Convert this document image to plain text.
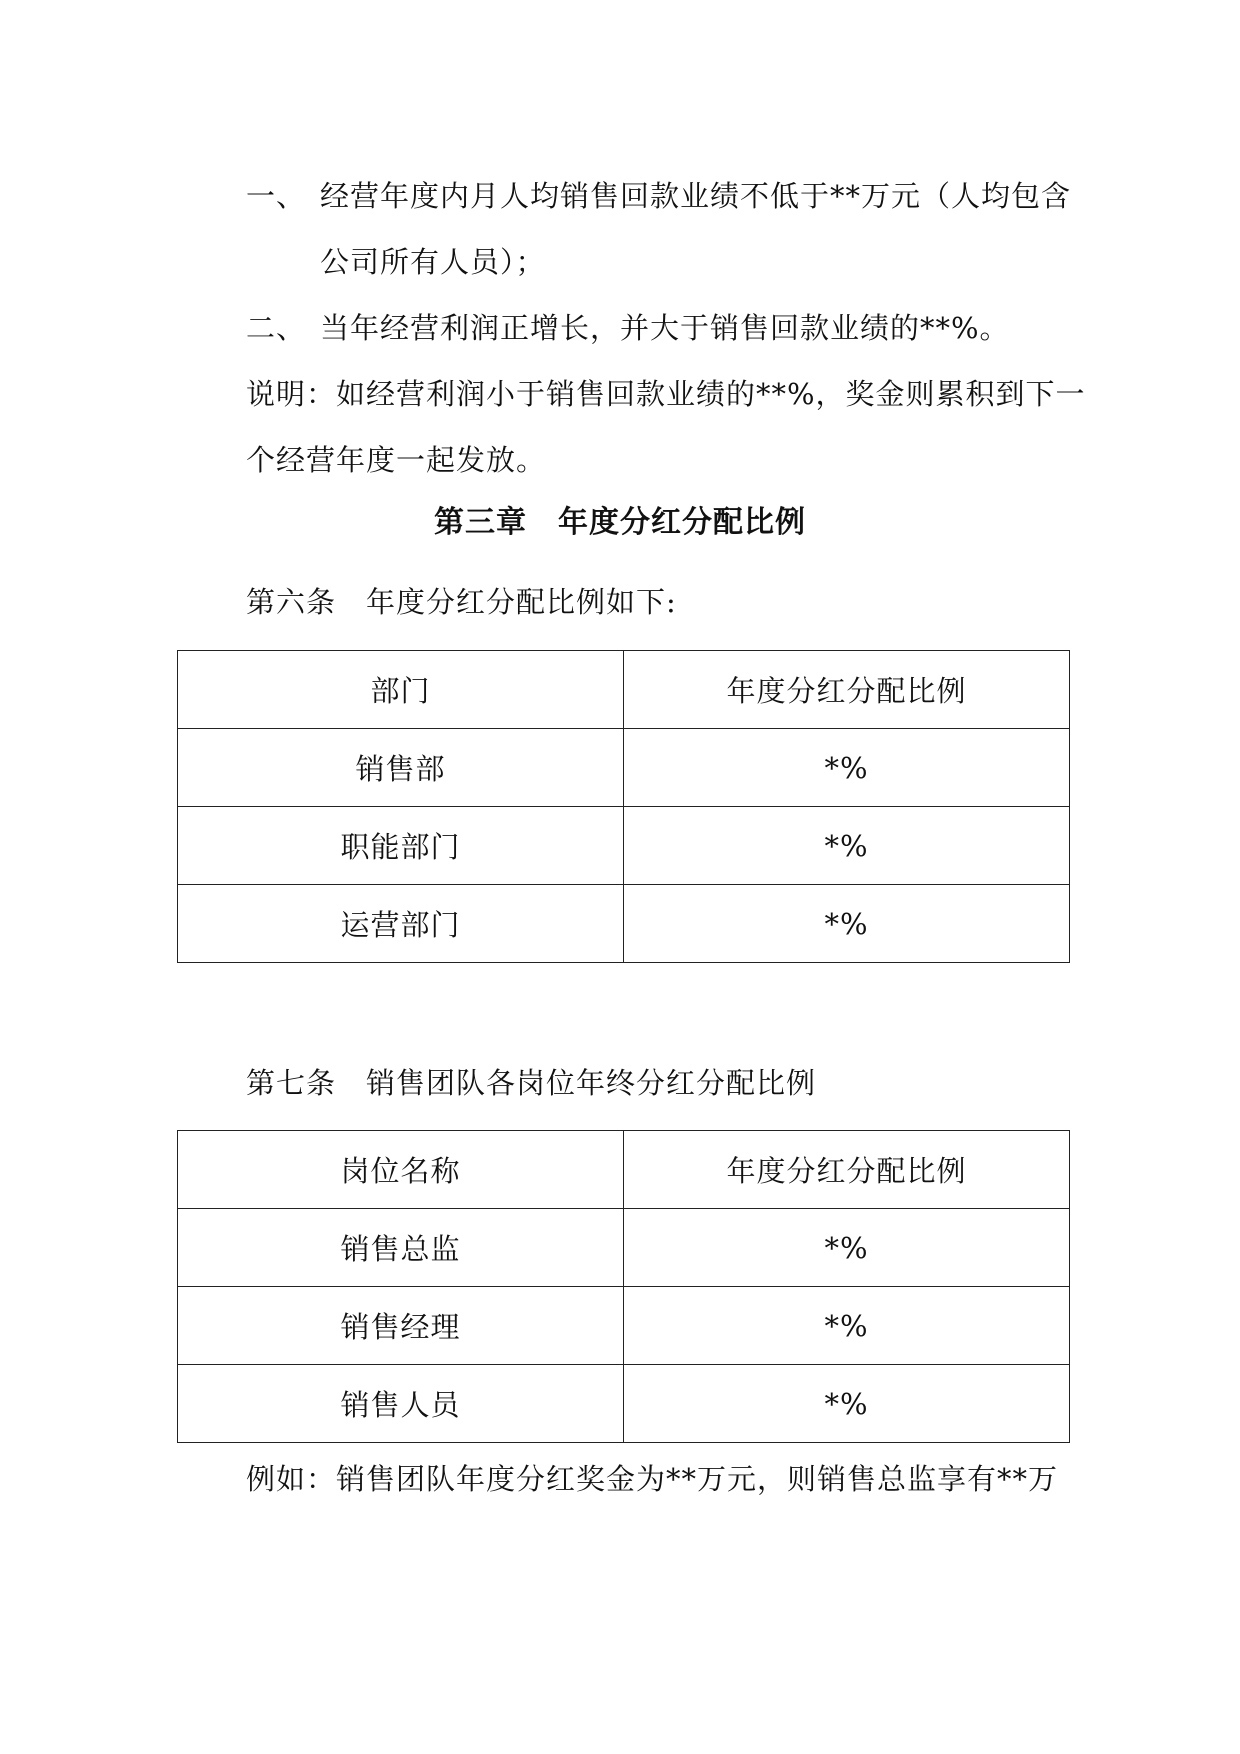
一、 经营年度内月人均销售回款业绩不低于**万元（人均包含
公司所有人员）；
二、 当年经营利润正增长，并大于销售回款业绩的**%。
说明：如经营利润小于销售回款业绩的**%，奖金则累积到下一
个经营年度一起发放。
第三章　年度分红分配比例
第六条　年度分红分配比例如下:
部门	年度分红分配比例
销售部	*%
职能部门	*%
运营部门	*%
第七条　销售团队各岗位年终分红分配比例
岗位名称	年度分红分配比例
销售总监	*%
销售经理	*%
销售人员	*%
例如：销售团队年度分红奖金为**万元，则销售总监享有**万
